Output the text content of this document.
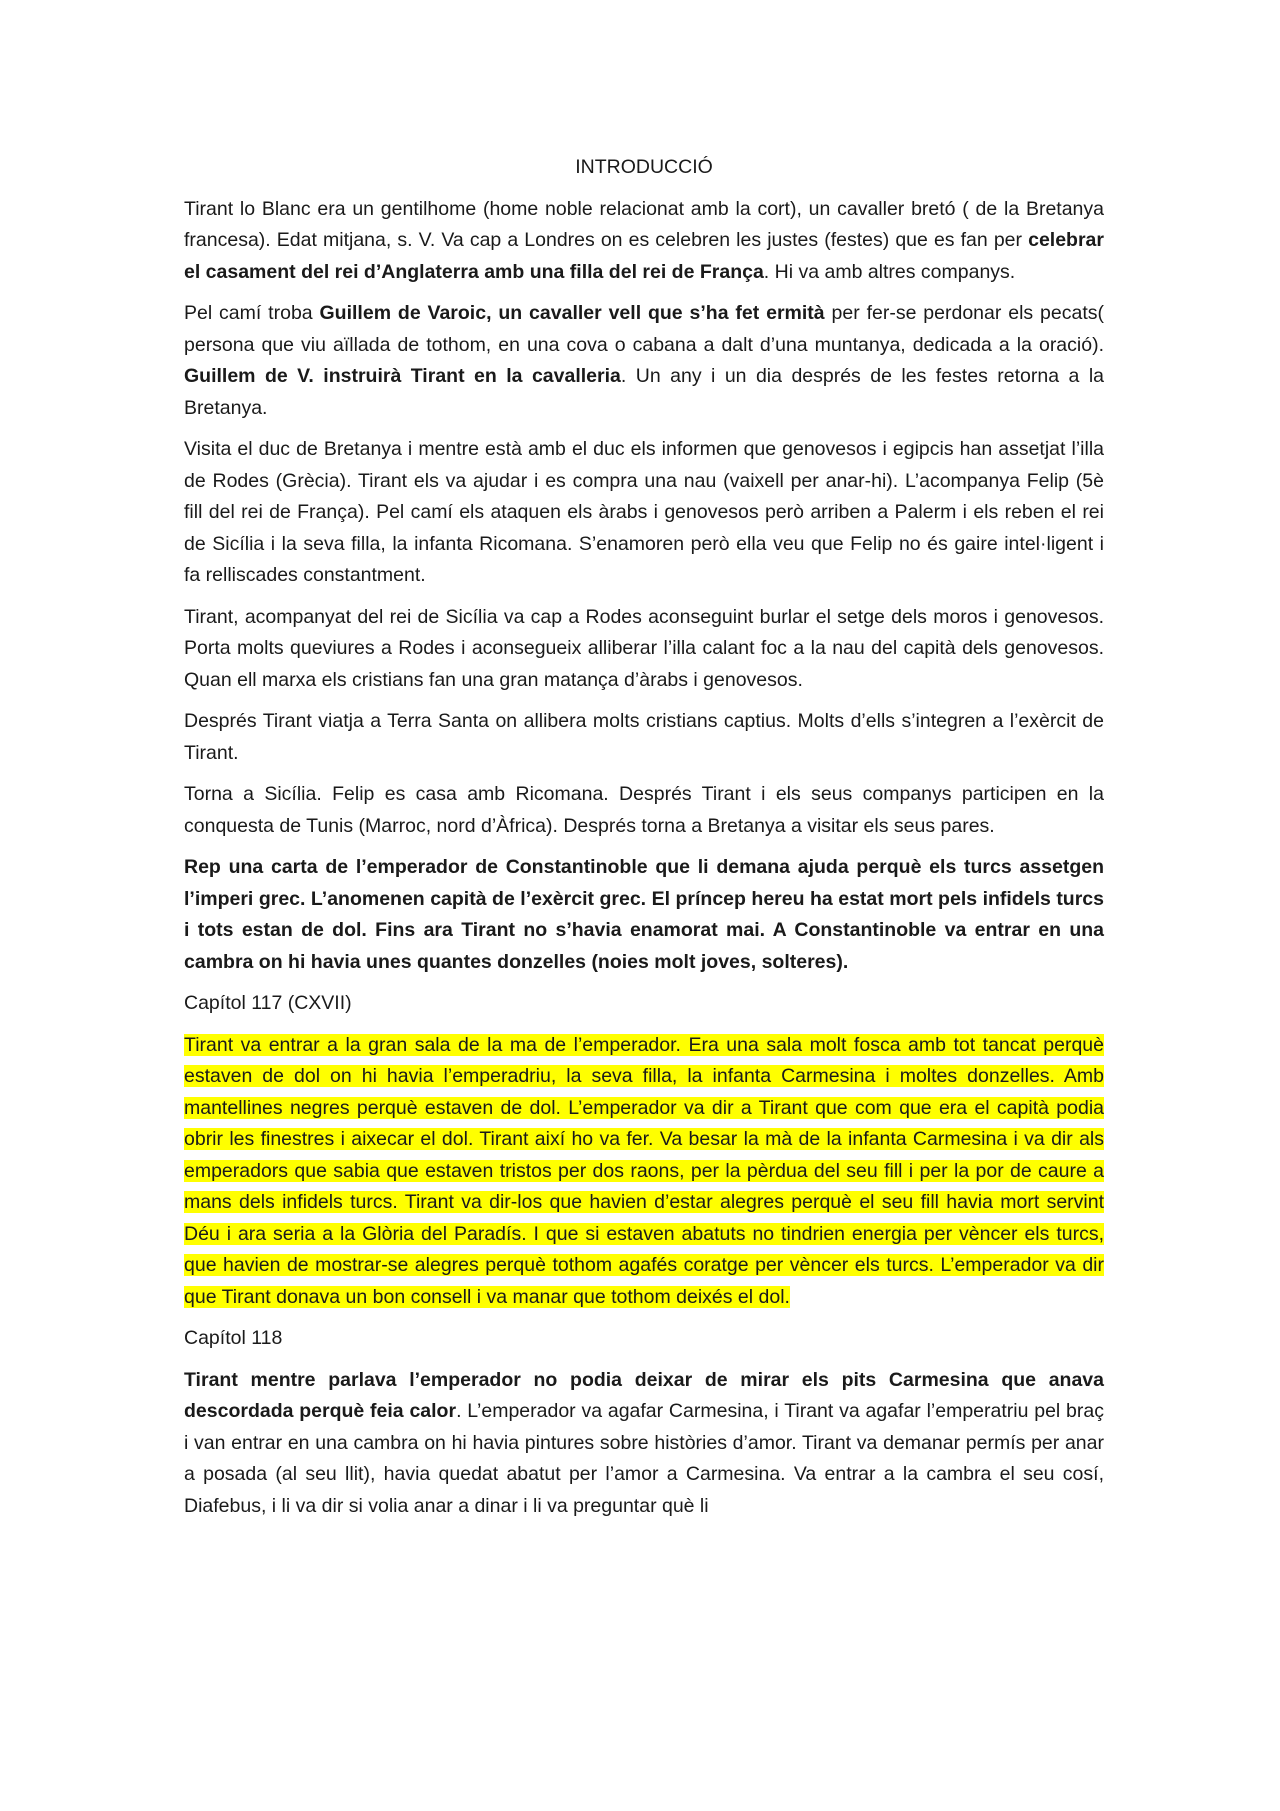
INTRODUCCIÓ

Tirant lo Blanc era un gentilhome (home noble relacionat amb la cort), un cavaller bretó ( de la Bretanya francesa). Edat mitjana, s. V. Va cap a Londres on es celebren les justes (festes) que es fan per celebrar el casament del rei d’Anglaterra amb una filla del rei de França. Hi va amb altres companys.

Pel camí troba Guillem de Varoic, un cavaller vell que s’ha fet ermità per fer-se perdonar els pecats( persona que viu aïllada de tothom, en una cova o cabana a dalt d’una muntanya, dedicada a la oració). Guillem de V. instruirà Tirant en la cavalleria. Un any i un dia després de les festes retorna a la Bretanya.

Visita el duc de Bretanya i mentre està amb el duc els informen que genovesos i egipcis han assetjat l’illa de Rodes (Grècia). Tirant els va ajudar i es compra una nau (vaixell per anar-hi). L’acompanya Felip (5è fill del rei de França). Pel camí els ataquen els àrabs i genovesos però arriben a Palerm i els reben el rei de Sicília i la seva filla, la infanta Ricomana. S’enamoren però ella veu que Felip no és gaire intel·ligent i fa relliscades constantment.

Tirant, acompanyat del rei de Sicília va cap a Rodes aconseguint burlar el setge dels moros i genovesos. Porta molts queviures a Rodes i aconsegueix alliberar l’illa calant foc a la nau del capità dels genovesos. Quan ell marxa els cristians fan una gran matança d’àrabs i genovesos.

Després Tirant viatja a Terra Santa on allibera molts cristians captius. Molts d’ells s’integren a l’exèrcit de Tirant.

Torna a Sicília. Felip es casa amb Ricomana. Després Tirant i els seus companys participen en la conquesta de Tunis (Marroc, nord d’Àfrica). Després torna a Bretanya a visitar els seus pares.

Rep una carta de l’emperador de Constantinoble que li demana ajuda perquè els turcs assetgen l’imperi grec. L’anomenen capità de l’exèrcit grec. El príncep hereu ha estat mort pels infidels turcs i tots estan de dol. Fins ara Tirant no s’havia enamorat mai. A Constantinoble va entrar en una cambra on hi havia unes quantes donzelles (noies molt joves, solteres).

Capítol 117 (CXVII)

Tirant va entrar a la gran sala de la ma de l’emperador. Era una sala molt fosca amb tot tancat perquè estaven de dol on hi havia l’emperadriu, la seva filla, la infanta Carmesina i moltes donzelles. Amb mantellines negres perquè estaven de dol. L’emperador va dir a Tirant que com que era el capità podia obrir les finestres i aixecar el dol. Tirant així ho va fer. Va besar la mà de la infanta Carmesina i va dir als emperadors que sabia que estaven tristos per dos raons, per la pèrdua del seu fill i per la por de caure a mans dels infidels turcs. Tirant va dir-los que havien d’estar alegres perquè el seu fill havia mort servint Déu i ara seria a la Glòria del Paradís. I que si estaven abatuts no tindrien energia per vèncer els turcs, que havien de mostrar-se alegres perquè tothom agafés coratge per vèncer els turcs. L’emperador va dir que Tirant donava un bon consell i va manar que tothom deixés el dol.

Capítol 118

Tirant mentre parlava l’emperador no podia deixar de mirar els pits Carmesina que anava descordada perquè feia calor. L’emperador va agafar Carmesina, i Tirant va agafar l’emperatriu pel braç i van entrar en una cambra on hi havia pintures sobre històries d’amor. Tirant va demanar permís per anar a posada (al seu llit), havia quedat abatut per l’amor a Carmesina. Va entrar a la cambra el seu cosí, Diafebus, i li va dir si volia anar a dinar i li va preguntar què li
